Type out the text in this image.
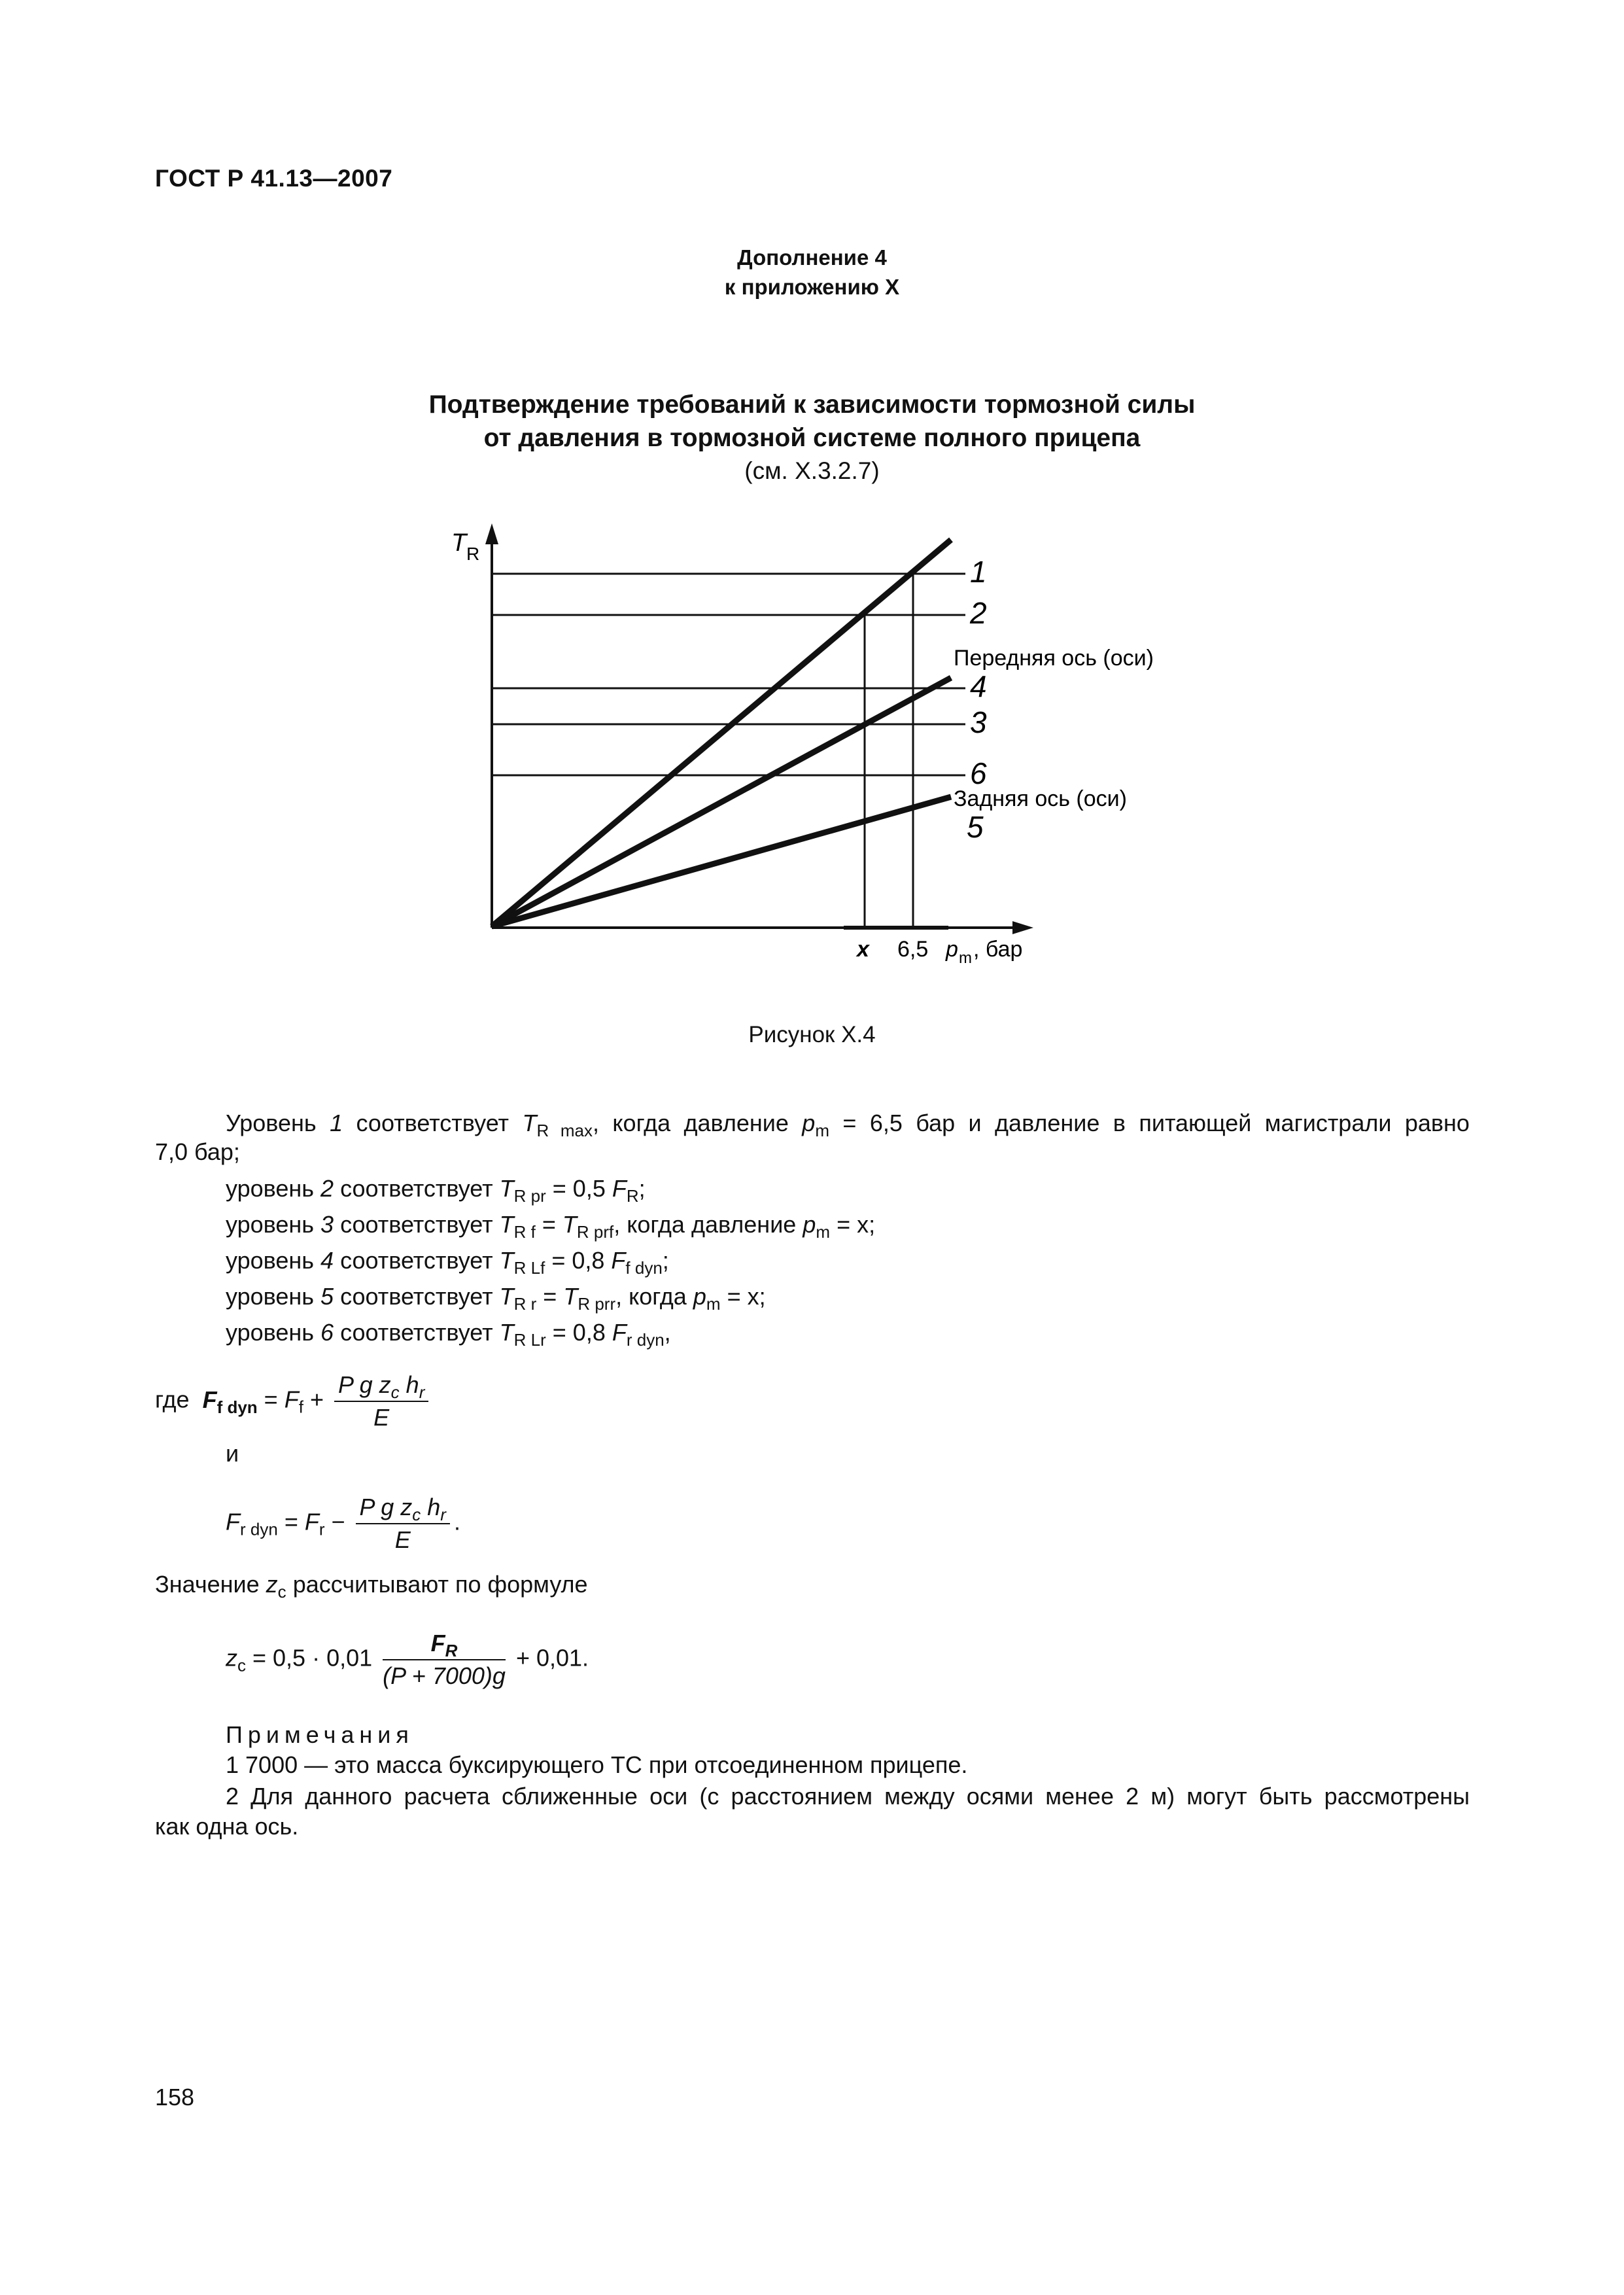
ГОСТ Р 41.13—2007
Дополнение 4
к приложению X
Подтверждение требований к зависимости тормозной силы
от давления в тормозной системе полного прицепа
(см. X.3.2.7)
T R
1
2
Передняя ось (оси)
4
3
6
Задняя ось (оси)
5
x 6,5 p m , бар
Рисунок X.4
Уровень 1 соответствует $T_{R max}$, когда давление $p_m = 6,5$ бар и давление в питающей магистрали равно
7,0 бар;
уровень 2 соответствует $T_{R pr} = 0,5$ $F_R$;
уровень 3 соответствует $T_{R f} = T_{R prf}$, когда давление $p_m = x$;
уровень 4 соответствует $T_{R Lf} = 0,8$ $F_{f dyn}$;
уровень 5 соответствует $T_{R r} = T_{R prr}$, когда $p_m = x$;
уровень 6 соответствует $T_{R Lr} = 0,8$ $F_{r dyn}$,
где $F_{f dyn} = F_f + \frac{P g z_c h_r}{E}$
и
$F_{r dyn} = F_r - \frac{P g z_c h_r}{E}$ .
Значение $z_c$ рассчитывают по формуле
$z_c = 0,5 \cdot 0,01 \frac{F_R}{(P + 7000)g} + 0,01$.
Примечания
1 7000 — это масса буксирующего ТС при отсоединенном прицепе.
2 Для данного расчета сближенные оси (с расстоянием между осями менее 2 м) могут быть рассмотрены
как одна ось.
158
